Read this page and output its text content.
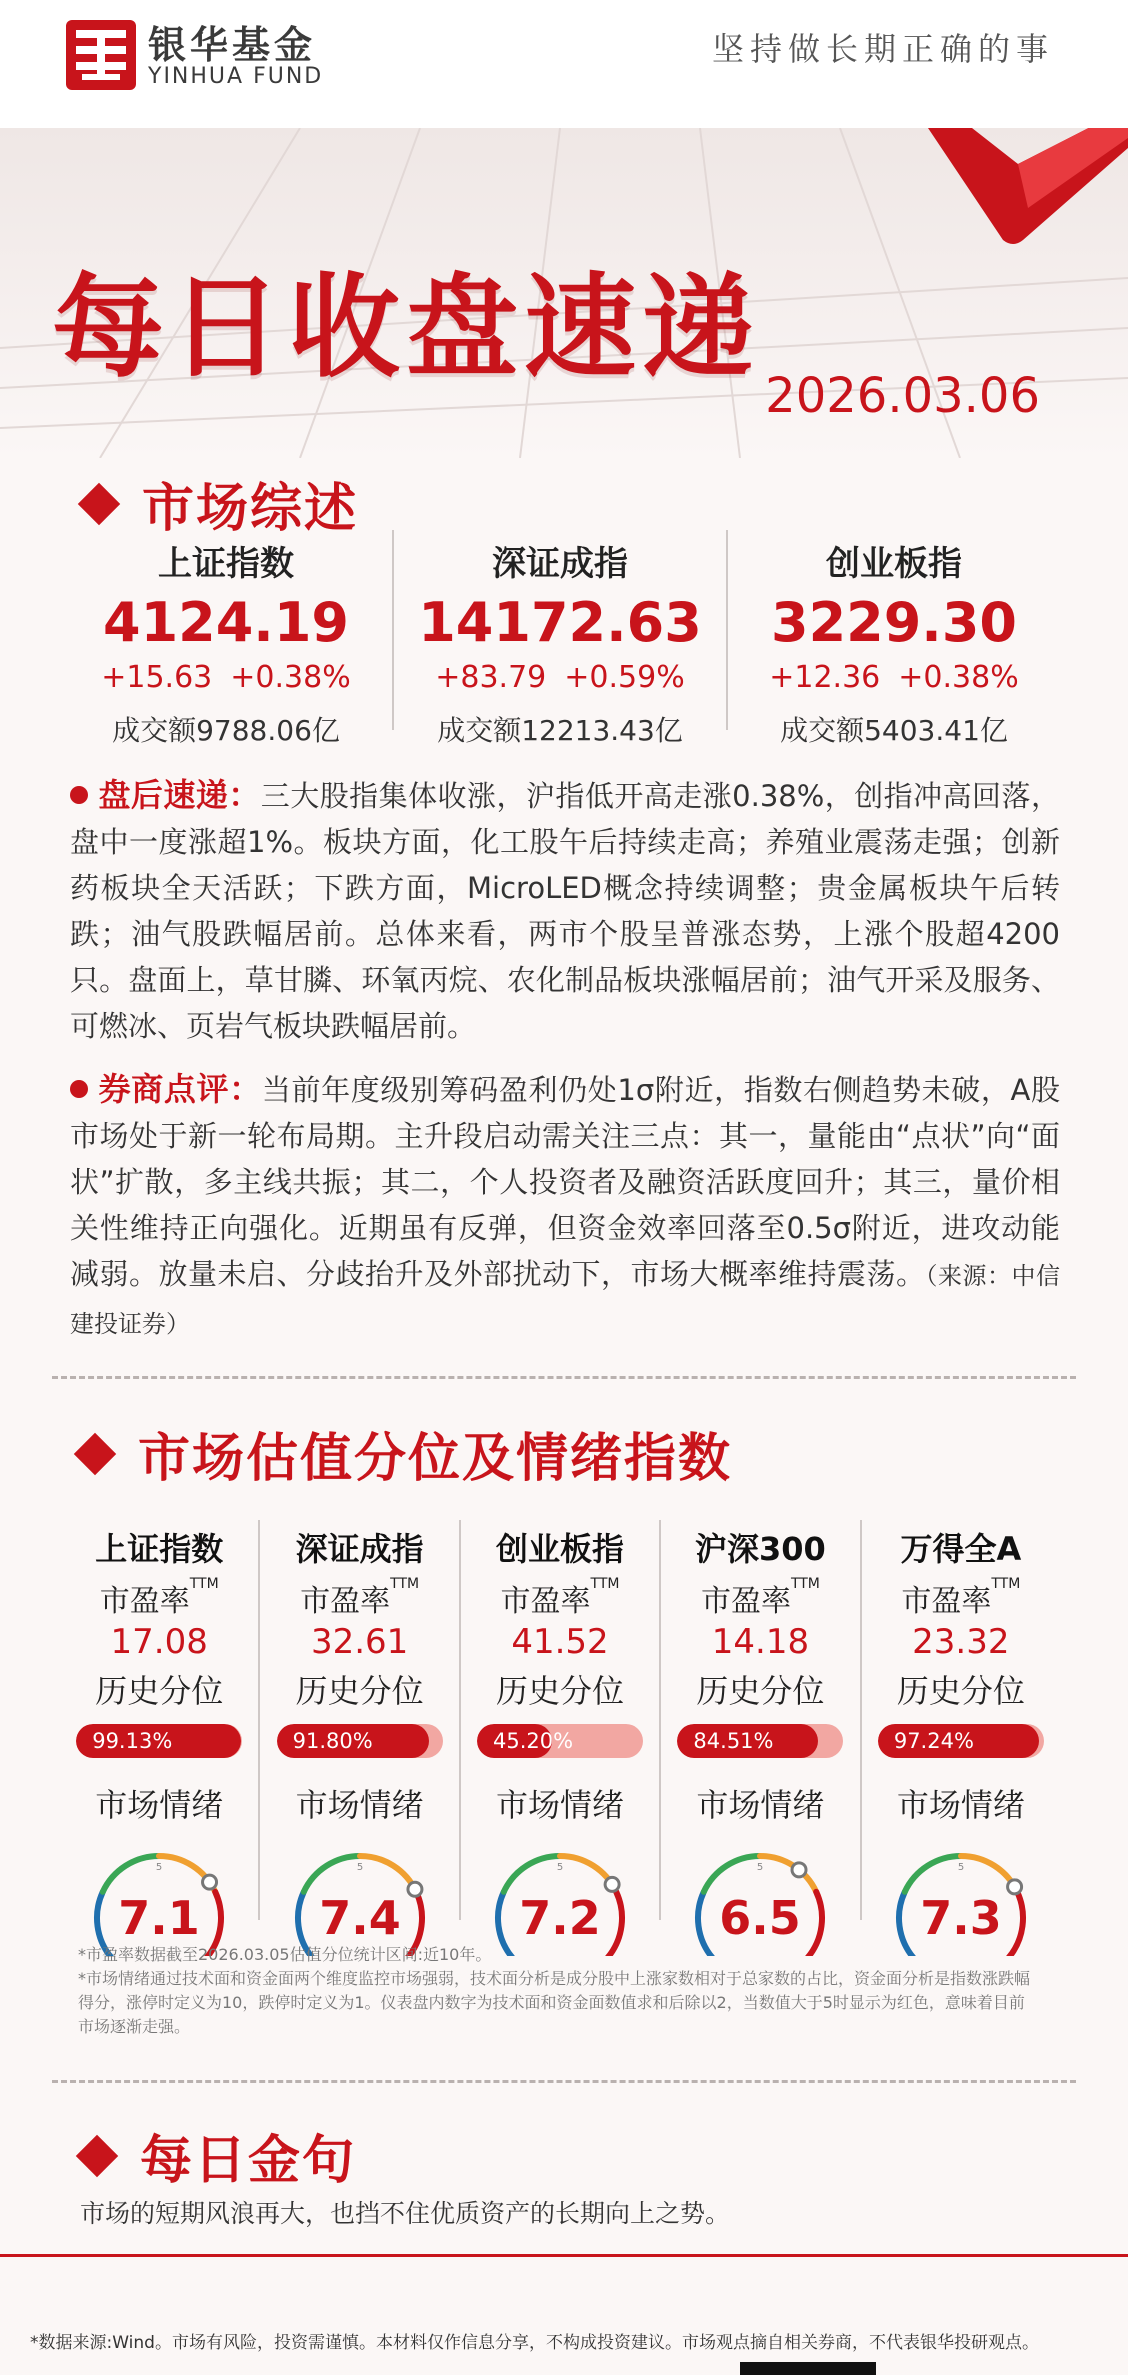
银华基金
YINHUA FUND
坚持做长期正确的事
每日收盘速递
2026.03.06
市场综述
上证指数
4124.19
+15.63 +0.38%
成交额9788.06亿
深证成指
14172.63
+83.79 +0.59%
成交额12213.43亿
创业板指
3229.30
+12.36 +0.38%
成交额5403.41亿
盘后速递：三大股指集体收涨，沪指低开高走涨0.38%，创指冲高回落，盘中一度涨超1%。板块方面，化工股午后持续走高；养殖业震荡走强；创新药板块全天活跃；下跌方面，MicroLED概念持续调整；贵金属板块午后转跌；油气股跌幅居前。总体来看，两市个股呈普涨态势，上涨个股超4200只。盘面上，草甘膦、环氧丙烷、农化制品板块涨幅居前；油气开采及服务、可燃冰、页岩气板块跌幅居前。
券商点评：当前年度级别筹码盈利仍处1σ附近，指数右侧趋势未破，A股市场处于新一轮布局期。主升段启动需关注三点：其一，量能由“点状”向“面状”扩散，多主线共振；其二，个人投资者及融资活跃度回升；其三，量价相关性维持正向强化。近期虽有反弹，但资金效率回落至0.5σ附近，进攻动能减弱。放量未启、分歧抬升及外部扰动下，市场大概率维持震荡。（来源：中信建投证券）
市场估值分位及情绪指数
上证指数
市盈率$^{TTM}$
17.08
历史分位
99.13%
市场情绪
5
7.1
深证成指
市盈率$^{TTM}$
32.61
历史分位
91.80%
市场情绪
5
7.4
创业板指
市盈率$^{TTM}$
41.52
历史分位
45.20%
市场情绪
5
7.2
沪深300
市盈率$^{TTM}$
14.18
历史分位
84.51%
市场情绪
5
6.5
万得全A
市盈率$^{TTM}$
23.32
历史分位
97.24%
市场情绪
5
7.3
*市盈率数据截至2026.03.05估值分位统计区间:近10年。
*市场情绪通过技术面和资金面两个维度监控市场强弱，技术面分析是成分股中上涨家数相对于总家数的占比，资金面分析是指数涨跌幅得分，涨停时定义为10，跌停时定义为1。仪表盘内数字为技术面和资金面数值求和后除以2，当数值大于5时显示为红色，意味着目前市场逐渐走强。
每日金句
市场的短期风浪再大，也挡不住优质资产的长期向上之势。
*数据来源:Wind。市场有风险，投资需谨慎。本材料仅作信息分享，不构成投资建议。市场观点摘自相关券商，不代表银华投研观点。
